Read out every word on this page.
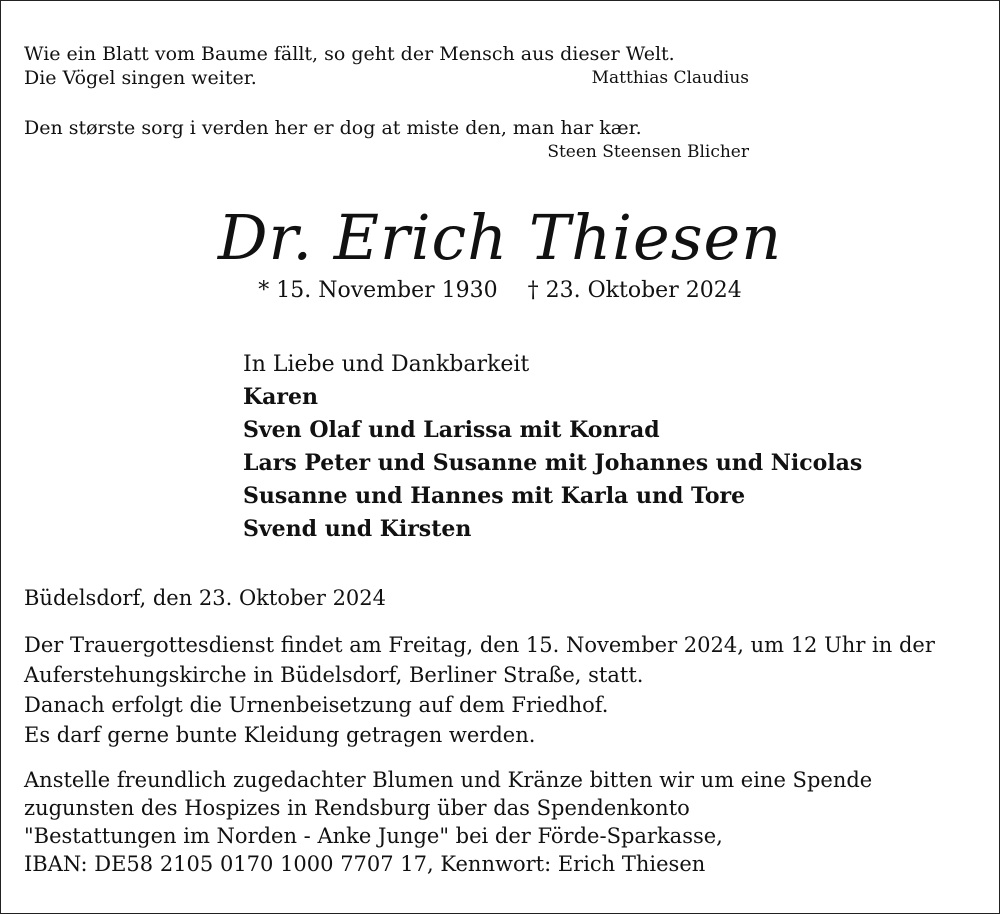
Wie ein Blatt vom Baume fällt, so geht der Mensch aus dieser Welt.
Die Vögel singen weiter.	Matthias Claudius
Den største sorg i verden her er dog at miste den, man har kær.
Steen Steensen Blicher
Dr. Erich Thiesen
* 15. November 1930 † 23. Oktober 2024
In Liebe und Dankbarkeit
Karen
Sven Olaf und Larissa mit Konrad
Lars Peter und Susanne mit Johannes und Nicolas
Susanne und Hannes mit Karla und Tore
Svend und Kirsten
Büdelsdorf, den 23. Oktober 2024
Der Trauergottesdienst findet am Freitag, den 15. November 2024, um 12 Uhr in der
Auferstehungskirche in Büdelsdorf, Berliner Straße, statt.
Danach erfolgt die Urnenbeisetzung auf dem Friedhof.
Es darf gerne bunte Kleidung getragen werden.
Anstelle freundlich zugedachter Blumen und Kränze bitten wir um eine Spende
zugunsten des Hospizes in Rendsburg über das Spendenkonto
"Bestattungen im Norden - Anke Junge" bei der Förde-Sparkasse,
IBAN: DE58 2105 0170 1000 7707 17, Kennwort: Erich Thiesen
